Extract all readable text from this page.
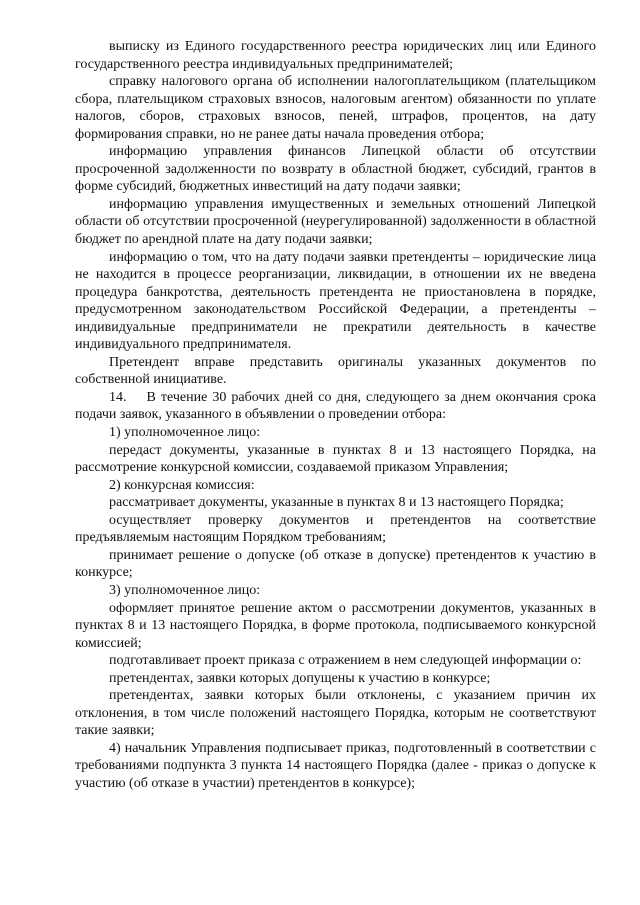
выписку из Единого государственного реестра юридических лиц или Единого государственного реестра индивидуальных предпринимателей;

справку налогового органа об исполнении налогоплательщиком (плательщиком сбора, плательщиком страховых взносов, налоговым агентом) обязанности по уплате налогов, сборов, страховых взносов, пеней, штрафов, процентов, на дату формирования справки, но не ранее даты начала проведения отбора;

информацию управления финансов Липецкой области об отсутствии просроченной задолженности по возврату в областной бюджет, субсидий, грантов в форме субсидий, бюджетных инвестиций на дату подачи заявки;

информацию управления имущественных и земельных отношений Липецкой области об отсутствии просроченной (неурегулированной) задолженности в областной бюджет по арендной плате на дату подачи заявки;

информацию о том, что на дату подачи заявки претенденты – юридические лица не находится в процессе реорганизации, ликвидации, в отношении их не введена процедура банкротства, деятельность претендента не приостановлена в порядке, предусмотренном законодательством Российской Федерации, а претенденты – индивидуальные предприниматели не прекратили деятельность в качестве индивидуального предпринимателя.

Претендент вправе представить оригиналы указанных документов по собственной инициативе.

14.    В течение 30 рабочих дней со дня, следующего за днем окончания срока подачи заявок, указанного в объявлении о проведении отбора:

1) уполномоченное лицо:

передаст документы, указанные в пунктах 8 и 13 настоящего Порядка, на рассмотрение конкурсной комиссии, создаваемой приказом Управления;

2) конкурсная комиссия:

рассматривает документы, указанные в пунктах 8 и 13 настоящего Порядка;

осуществляет проверку документов и претендентов на соответствие предъявляемым настоящим Порядком требованиям;

принимает решение о допуске (об отказе в допуске) претендентов к участию в конкурсе;

3) уполномоченное лицо:

оформляет принятое решение актом о рассмотрении документов, указанных в пунктах 8 и 13 настоящего Порядка, в форме протокола, подписываемого конкурсной комиссией;

подготавливает проект приказа с отражением в нем следующей информации о:

претендентах, заявки которых допущены к участию в конкурсе;

претендентах, заявки которых были отклонены, с указанием причин их отклонения, в том числе положений настоящего Порядка, которым не соответствуют такие заявки;

4) начальник Управления подписывает приказ, подготовленный в соответствии с требованиями подпункта 3 пункта 14 настоящего Порядка (далее - приказ о допуске к участию (об отказе в участии) претендентов в конкурсе);
